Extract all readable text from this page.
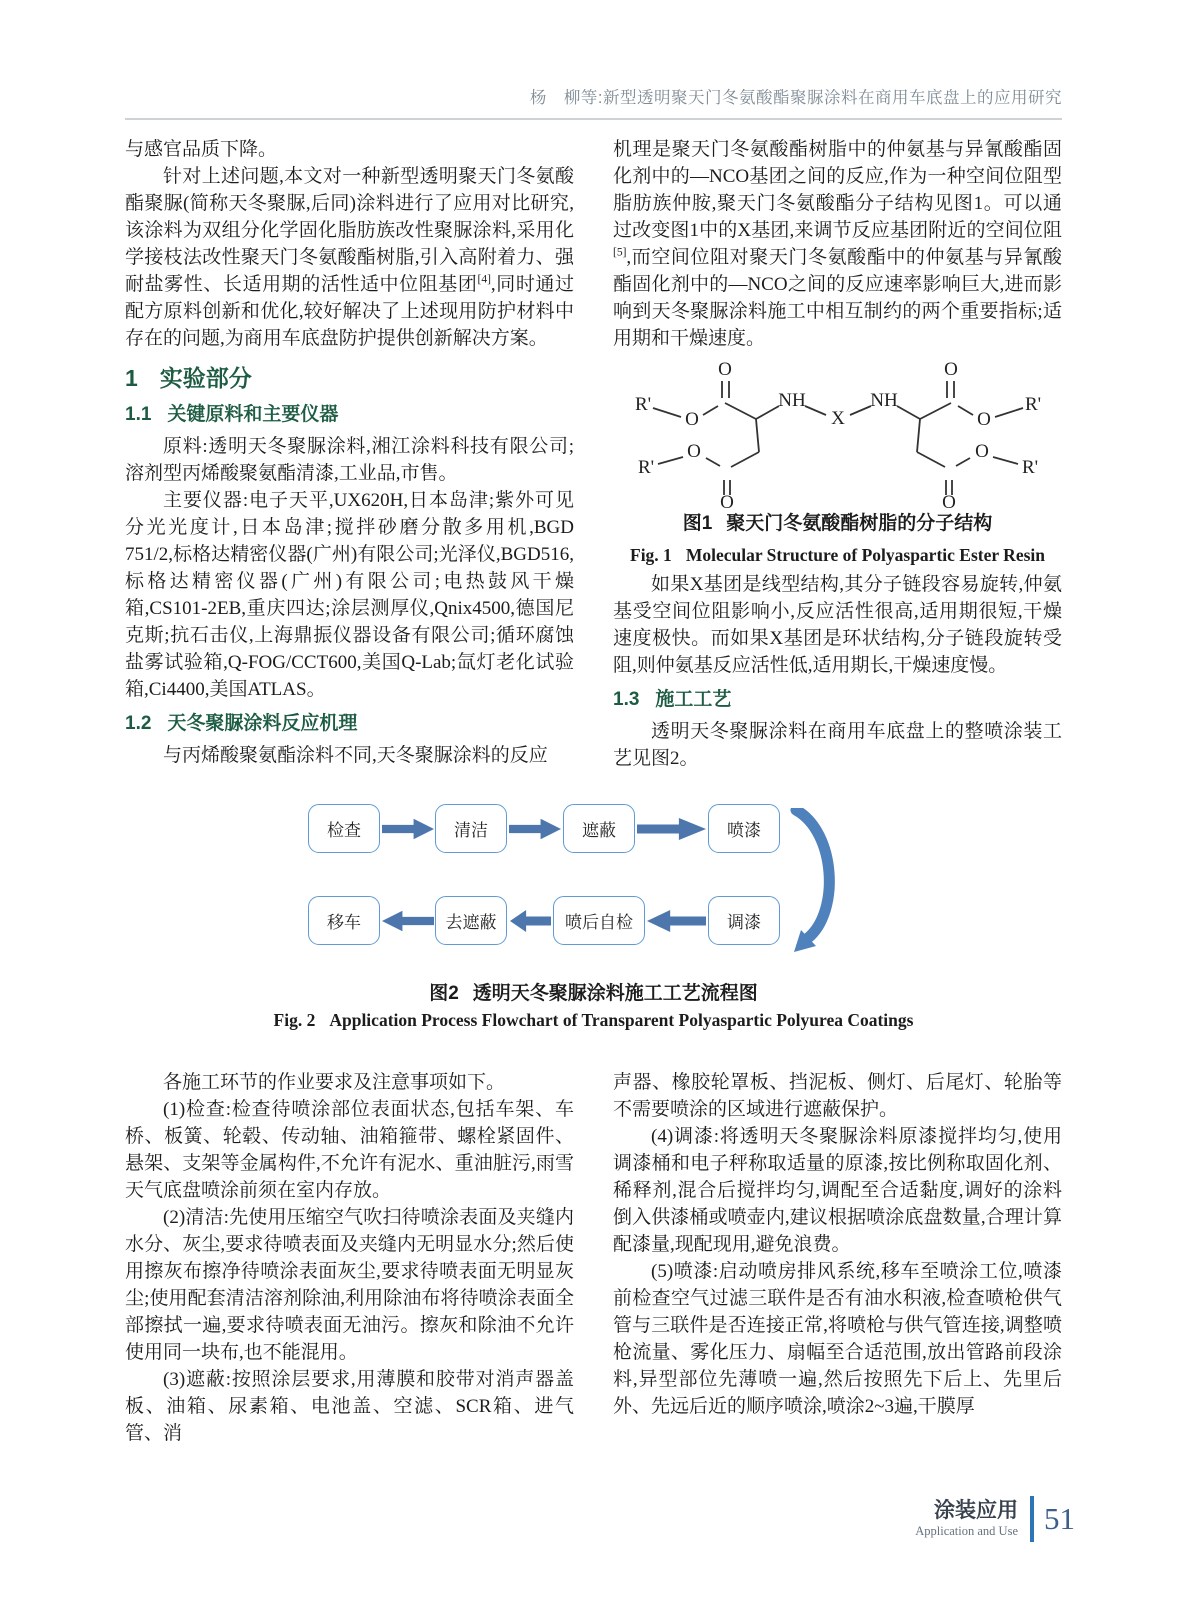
杨　柳等:新型透明聚天门冬氨酸酯聚脲涂料在商用车底盘上的应用研究

与感官品质下降。

针对上述问题,本文对一种新型透明聚天门冬氨酸酯聚脲(简称天冬聚脲,后同)涂料进行了应用对比研究,该涂料为双组分化学固化脂肪族改性聚脲涂料,采用化学接枝法改性聚天门冬氨酸酯树脂,引入高附着力、强耐盐雾性、长适用期的活性适中位阻基团[4],同时通过配方原料创新和优化,较好解决了上述现用防护材料中存在的问题,为商用车底盘防护提供创新解决方案。

1 实验部分
1.1 关键原料和主要仪器

原料:透明天冬聚脲涂料,湘江涂料科技有限公司;溶剂型丙烯酸聚氨酯清漆,工业品,市售。

主要仪器:电子天平,UX620H,日本岛津;紫外可见分光光度计,日本岛津;搅拌砂磨分散多用机,BGD 751/2,标格达精密仪器(广州)有限公司;光泽仪,BGD516,标格达精密仪器(广州)有限公司;电热鼓风干燥箱,CS101-2EB,重庆四达;涂层测厚仪,Qnix4500,德国尼克斯;抗石击仪,上海鼎振仪器设备有限公司;循环腐蚀盐雾试验箱,Q-FOG/CCT600,美国Q-Lab;氙灯老化试验箱,Ci4400,美国ATLAS。

1.2 天冬聚脲涂料反应机理

与丙烯酸聚氨酯涂料不同,天冬聚脲涂料的反应

机理是聚天门冬氨酸酯树脂中的仲氨基与异氰酸酯固化剂中的—NCO基团之间的反应,作为一种空间位阻型脂肪族仲胺,聚天门冬氨酸酯分子结构见图1。可以通过改变图1中的X基团,来调节反应基团附近的空间位阻[5],而空间位阻对聚天门冬氨酸酯中的仲氨基与异氰酸酯固化剂中的—NCO之间的反应速率影响巨大,进而影响到天冬聚脲涂料施工中相互制约的两个重要指标;适用期和干燥速度。

R'
O
O
NH
X
NH
O
O
R'
R'
O
O
O
O
R'
图1 聚天门冬氨酸酯树脂的分子结构
Fig. 1 Molecular Structure of Polyaspartic Ester Resin

如果X基团是线型结构,其分子链段容易旋转,仲氨基受空间位阻影响小,反应活性很高,适用期很短,干燥速度极快。而如果X基团是环状结构,分子链段旋转受阻,则仲氨基反应活性低,适用期长,干燥速度慢。

1.3 施工工艺

透明天冬聚脲涂料在商用车底盘上的整喷涂装工艺见图2。

检查	清洁	遮蔽	喷漆
移车	去遮蔽	喷后自检	调漆
图2 透明天冬聚脲涂料施工工艺流程图
Fig. 2 Application Process Flowchart of Transparent Polyaspartic Polyurea Coatings

各施工环节的作业要求及注意事项如下。

(1)检查:检查待喷涂部位表面状态,包括车架、车桥、板簧、轮毂、传动轴、油箱箍带、螺栓紧固件、悬架、支架等金属构件,不允许有泥水、重油脏污,雨雪天气底盘喷涂前须在室内存放。

(2)清洁:先使用压缩空气吹扫待喷涂表面及夹缝内水分、灰尘,要求待喷表面及夹缝内无明显水分;然后使用擦灰布擦净待喷涂表面灰尘,要求待喷表面无明显灰尘;使用配套清洁溶剂除油,利用除油布将待喷涂表面全部擦拭一遍,要求待喷表面无油污。擦灰和除油不允许使用同一块布,也不能混用。

(3)遮蔽:按照涂层要求,用薄膜和胶带对消声器盖板、油箱、尿素箱、电池盖、空滤、SCR箱、进气管、消

声器、橡胶轮罩板、挡泥板、侧灯、后尾灯、轮胎等不需要喷涂的区域进行遮蔽保护。

(4)调漆:将透明天冬聚脲涂料原漆搅拌均匀,使用调漆桶和电子秤称取适量的原漆,按比例称取固化剂、稀释剂,混合后搅拌均匀,调配至合适黏度,调好的涂料倒入供漆桶或喷壶内,建议根据喷涂底盘数量,合理计算配漆量,现配现用,避免浪费。

(5)喷漆:启动喷房排风系统,移车至喷涂工位,喷漆前检查空气过滤三联件是否有油水积液,检查喷枪供气管与三联件是否连接正常,将喷枪与供气管连接,调整喷枪流量、雾化压力、扇幅至合适范围,放出管路前段涂料,异型部位先薄喷一遍,然后按照先下后上、先里后外、先远后近的顺序喷涂,喷涂2~3遍,干膜厚

涂装应用
Application and Use 51
